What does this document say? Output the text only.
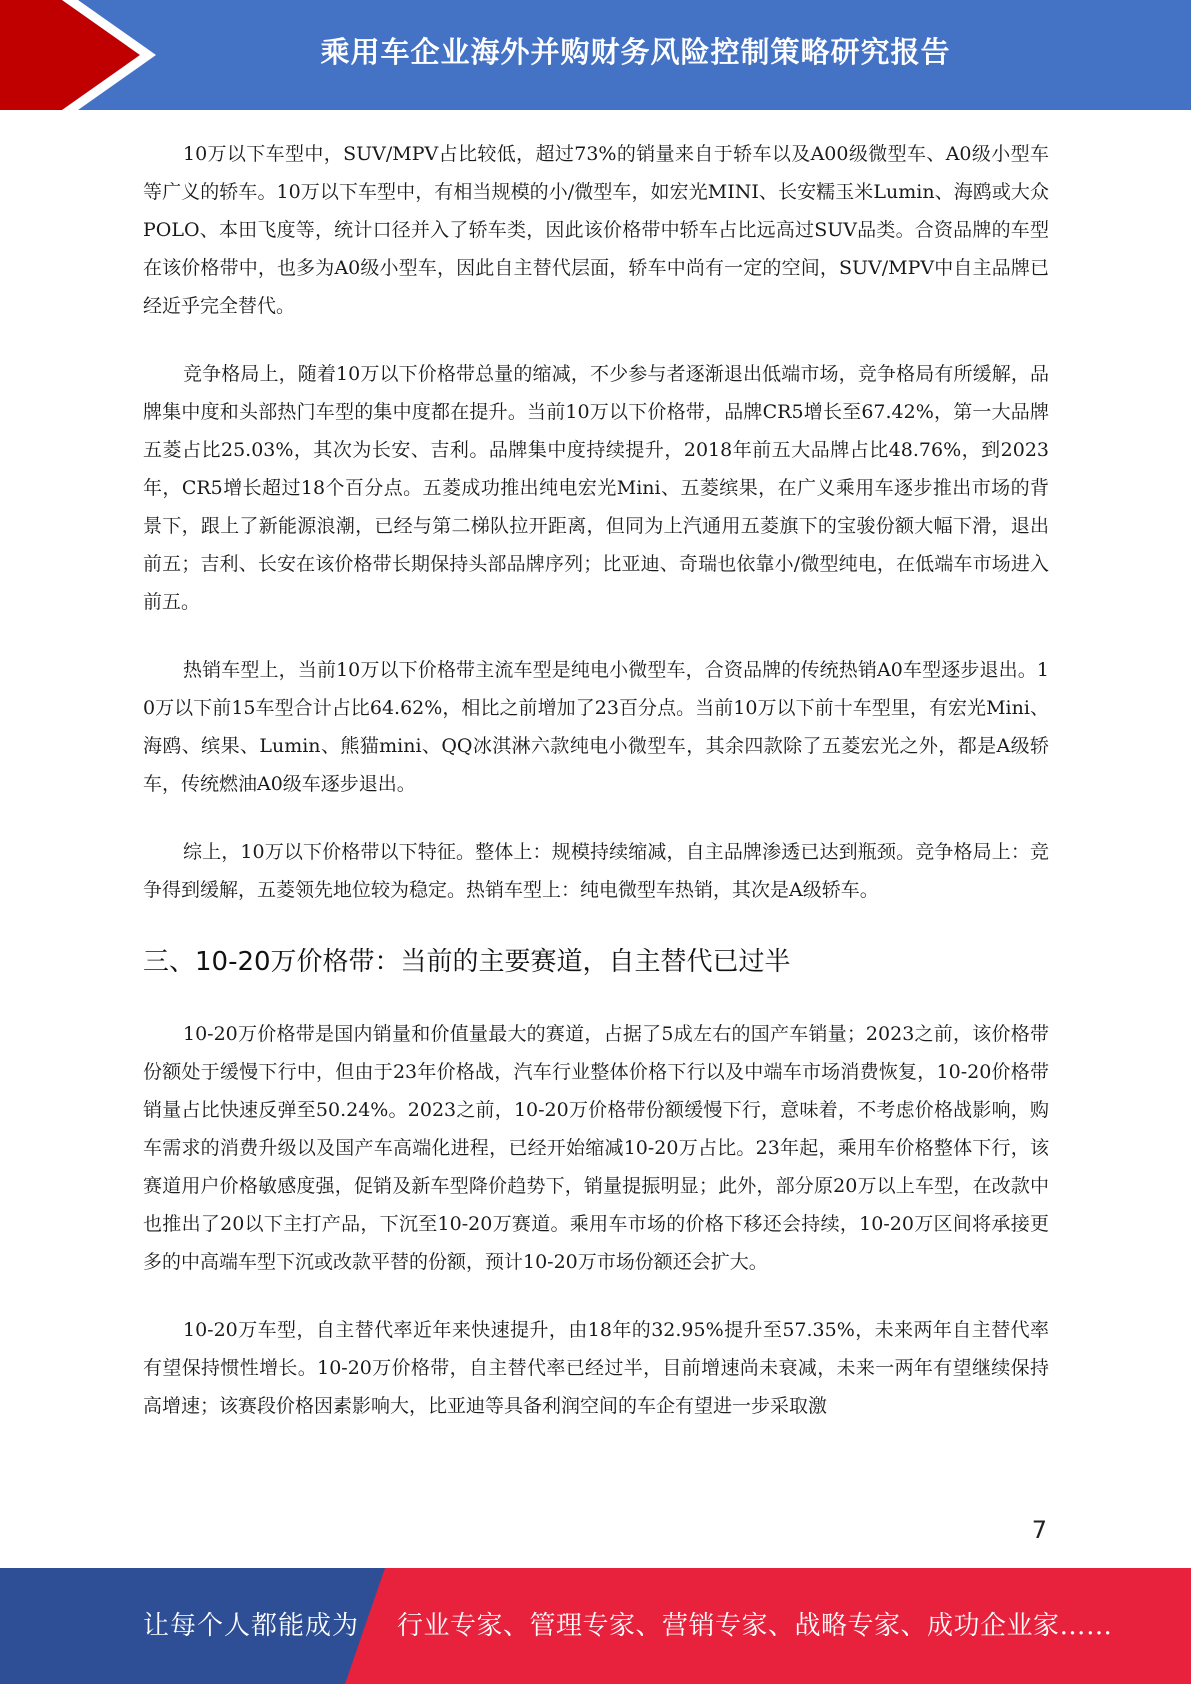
乘用车企业海外并购财务风险控制策略研究报告

10万以下车型中，SUV/MPV占比较低，超过73%的销量来自于轿车以及A00级微型车、A0级小型车等广义的轿车。10万以下车型中，有相当规模的小/微型车，如宏光MINI、长安糯玉米Lumin、海鸥或大众POLO、本田飞度等，统计口径并入了轿车类，因此该价格带中轿车占比远高过SUV品类。合资品牌的车型在该价格带中，也多为A0级小型车，因此自主替代层面，轿车中尚有一定的空间，SUV/MPV中自主品牌已经近乎完全替代。

竞争格局上，随着10万以下价格带总量的缩减，不少参与者逐渐退出低端市场，竞争格局有所缓解，品牌集中度和头部热门车型的集中度都在提升。当前10万以下价格带，品牌CR5增长至67.42%，第一大品牌五菱占比25.03%，其次为长安、吉利。品牌集中度持续提升，2018年前五大品牌占比48.76%，到2023年，CR5增长超过18个百分点。五菱成功推出纯电宏光Mini、五菱缤果，在广义乘用车逐步推出市场的背景下，跟上了新能源浪潮，已经与第二梯队拉开距离，但同为上汽通用五菱旗下的宝骏份额大幅下滑，退出前五；吉利、长安在该价格带长期保持头部品牌序列；比亚迪、奇瑞也依靠小/微型纯电，在低端车市场进入前五。

热销车型上，当前10万以下价格带主流车型是纯电小微型车，合资品牌的传统热销A0车型逐步退出。10万以下前15车型合计占比64.62%，相比之前增加了23百分点。当前10万以下前十车型里，有宏光Mini、海鸥、缤果、Lumin、熊猫mini、QQ冰淇淋六款纯电小微型车，其余四款除了五菱宏光之外，都是A级轿车，传统燃油A0级车逐步退出。

综上，10万以下价格带以下特征。整体上：规模持续缩减，自主品牌渗透已达到瓶颈。竞争格局上：竞争得到缓解，五菱领先地位较为稳定。热销车型上：纯电微型车热销，其次是A级轿车。

三、10-20万价格带：当前的主要赛道，自主替代已过半

10-20万价格带是国内销量和价值量最大的赛道，占据了5成左右的国产车销量；2023之前，该价格带份额处于缓慢下行中，但由于23年价格战，汽车行业整体价格下行以及中端车市场消费恢复，10-20价格带销量占比快速反弹至50.24%。2023之前，10-20万价格带份额缓慢下行，意味着，不考虑价格战影响，购车需求的消费升级以及国产车高端化进程，已经开始缩减10-20万占比。23年起，乘用车价格整体下行，该赛道用户价格敏感度强，促销及新车型降价趋势下，销量提振明显；此外，部分原20万以上车型，在改款中也推出了20以下主打产品，下沉至10-20万赛道。乘用车市场的价格下移还会持续，10-20万区间将承接更多的中高端车型下沉或改款平替的份额，预计10-20万市场份额还会扩大。

10-20万车型，自主替代率近年来快速提升，由18年的32.95%提升至57.35%，未来两年自主替代率有望保持惯性增长。10-20万价格带，自主替代率已经过半，目前增速尚未衰减，未来一两年有望继续保持高增速；该赛段价格因素影响大，比亚迪等具备利润空间的车企有望进一步采取激

7
让每个人都能成为 行业专家、管理专家、营销专家、战略专家、成功企业家……
